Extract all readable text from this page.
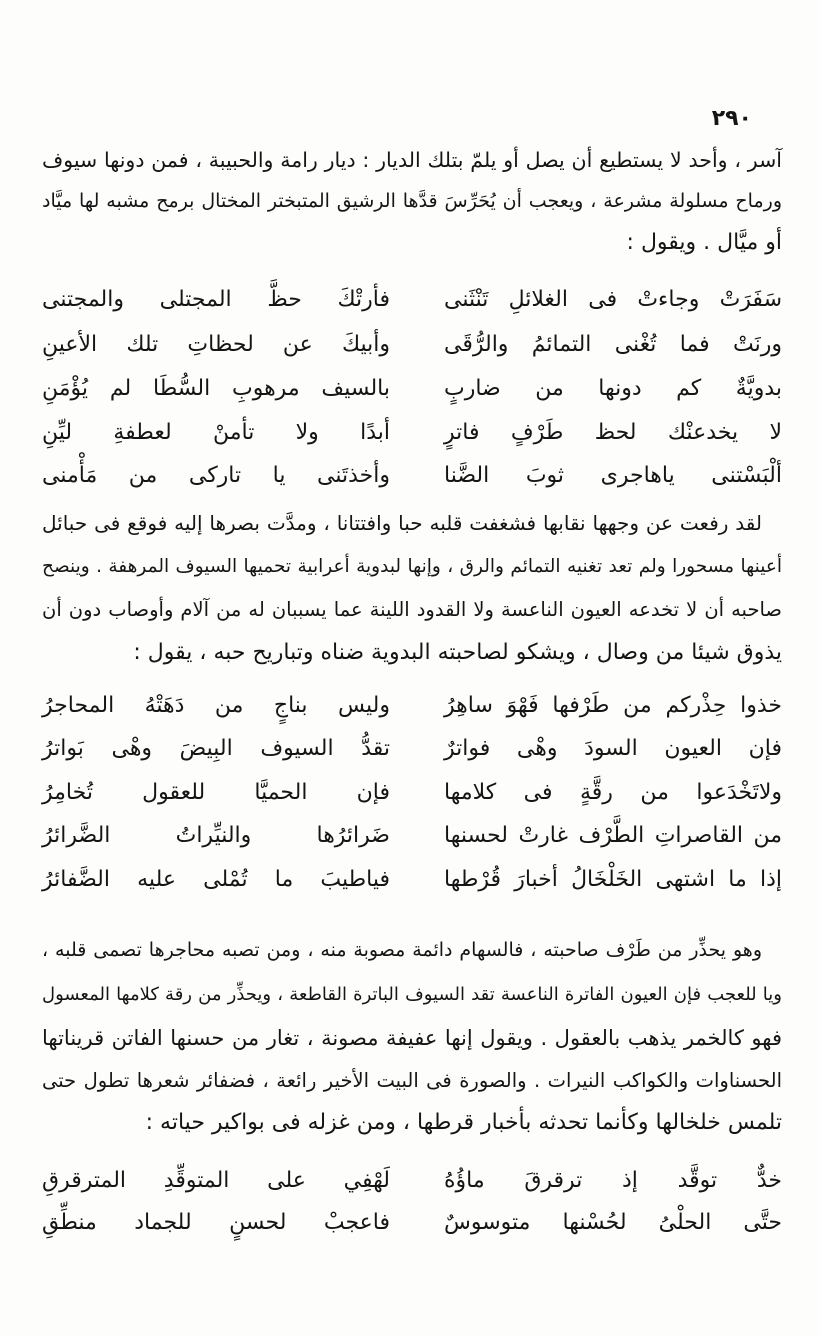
٢٩٠
آسر ، وأحد لا يستطيع أن يصل أو يلمّ بتلك الديار : ديار رامة والحبيبة ، فمن دونها سيوف
ورماح مسلولة مشرعة ، ويعجب أن يُحَرِّسَ قدَّها الرشيق المتبختر المختال برمح مشبه لها ميَّاد
أو ميَّال . ويقول :
سَفَرَتْ وجاءتْ فى الغلائلِ تَنْثَنى
فأرتْكَ حظَّ المجتلى والمجتنى
ورنَتْ فما تُغْنى التمائمُ والرُّقَى
وأبيكَ عن لحظاتِ تلك الأعينِ
بدويَّةٌ كم دونها من ضاربٍ
بالسيف مرهوبِ السُّطَا لم يُؤْمَنِ
لا يخدعنْك لحظ طَرْفٍ فاترٍ
أبدًا ولا تأمنْ لعطفةِ ليِّنِ
ألْبَسْتنى ياهاجرى ثوبَ الضَّنا
وأخذتَنى يا تاركى من مَأْمنى
لقد رفعت عن وجهها نقابها فشغفت قلبه حبا وافتتانا ، ومدَّت بصرها إليه فوقع فى حبائل
أعينها مسحورا ولم تعد تغنيه التمائم والرق ، وإنها لبدوية أعرابية تحميها السيوف المرهفة . وينصح
صاحبه أن لا تخدعه العيون الناعسة ولا القدود اللينة عما يسببان له من آلام وأوصاب دون أن
يذوق شيئا من وصال ، ويشكو لصاحبته البدوية ضناه وتباريح حبه ، يقول :
خذوا حِذْركم من طَرْفها فَهْوَ ساهِرُ
وليس بناجٍ من دَهَتْهُ المحاجرُ
فإن العيون السودَ وهْى فواترٌ
تقدُّ السيوف البِيضَ وهْى بَواترُ
ولاتَخْدَعوا من رقَّةٍ فى كلامها
فإن الحميَّا للعقول تُخامِرُ
من القاصراتِ الطَّرْف غارتْ لحسنها
ضَرائرُها والنيِّراتُ الضَّرائرُ
إذا ما اشتهى الخَلْخَالُ أخبارَ قُرْطها
فياطيبَ ما تُمْلى عليه الضَّفائرُ
وهو يحذِّر من طَرْف صاحبته ، فالسهام دائمة مصوبة منه ، ومن تصبه محاجرها تصمى قلبه ،
ويا للعجب فإن العيون الفاترة الناعسة تقد السيوف الباترة القاطعة ، ويحذِّر من رقة كلامها المعسول
فهو كالخمر يذهب بالعقول . ويقول إنها عفيفة مصونة ، تغار من حسنها الفاتن قريناتها
الحسناوات والكواكب النيرات . والصورة فى البيت الأخير رائعة ، فضفائر شعرها تطول حتى
تلمس خلخالها وكأنما تحدثه بأخبار قرطها ، ومن غزله فى بواكير حياته :
خدٌّ توقَّد إذ ترقرقَ ماؤُهُ
لَهْفِي على المتوقِّدِ المترقرقِ
حتَّى الحلْىُ لحُسْنها متوسوسٌ
فاعجبْ لحسنٍ للجماد منطِّقِ
